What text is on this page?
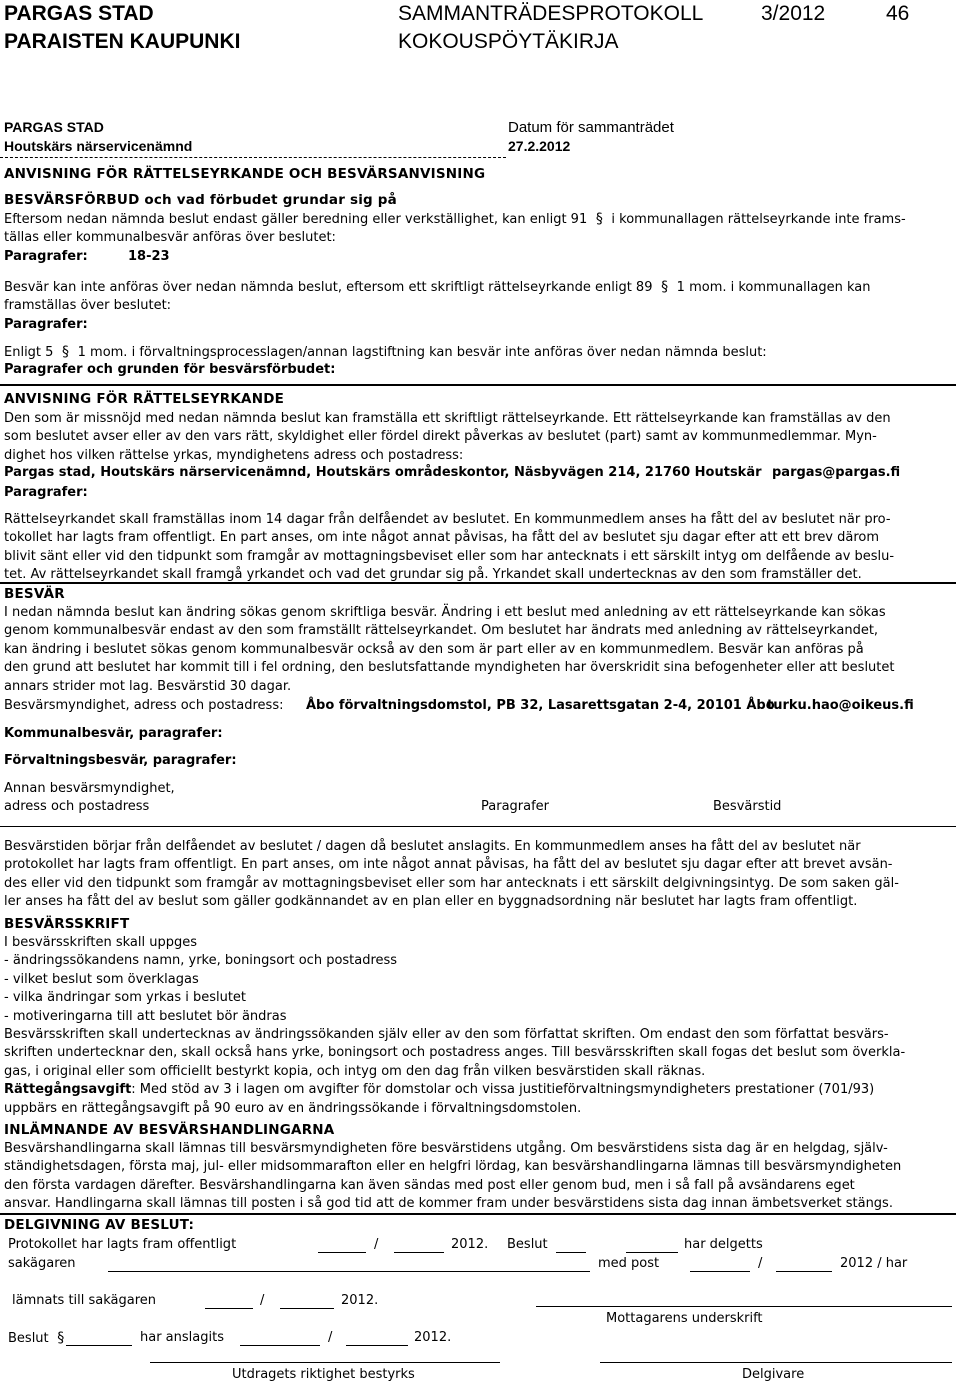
PARGAS STAD
PARAISTEN KAUPUNKI
SAMMANTRÄDESPROTOKOLL	3/2012	46
KOKOUSPÖYTÄKIRJA
PARGAS STAD	Datum för sammanträdet
Houtskärs närservicenämnd	27.2.2012
ANVISNING FÖR RÄTTELSEYRKANDE OCH BESVÄRSANVISNING
BESVÄRSFÖRBUD och vad förbudet grundar sig på
Eftersom nedan nämnda beslut endast gäller beredning eller verkställighet, kan enligt 91  §  i kommunallagen rättelseyrkande inte frams-
tällas eller kommunalbesvär anföras över beslutet:
Paragrafer:	18-23
Besvär kan inte anföras över nedan nämnda beslut, eftersom ett skriftligt rättelseyrkande enligt 89  §  1 mom. i kommunallagen kan
framställas över beslutet:
Paragrafer:
Enligt 5  §  1 mom. i förvaltningsprocesslagen/annan lagstiftning kan besvär inte anföras över nedan nämnda beslut:
Paragrafer och grunden för besvärsförbudet:
ANVISNING FÖR RÄTTELSEYRKANDE
Den som är missnöjd med nedan nämnda beslut kan framställa ett skriftligt rättelseyrkande. Ett rättelseyrkande kan framställas av den
som beslutet avser eller av den vars rätt, skyldighet eller fördel direkt påverkas av beslutet (part) samt av kommunmedlemmar. Myn-
dighet hos vilken rättelse yrkas, myndighetens adress och postadress:
Pargas stad, Houtskärs närservicenämnd, Houtskärs områdeskontor, Näsbyvägen 214, 21760 Houtskär pargas@pargas.fi
Paragrafer:
Rättelseyrkandet skall framställas inom 14 dagar från delfåendet av beslutet. En kommunmedlem anses ha fått del av beslutet när pro-
tokollet har lagts fram offentligt. En part anses, om inte något annat påvisas, ha fått del av beslutet sju dagar efter att ett brev därom
blivit sänt eller vid den tidpunkt som framgår av mottagningsbeviset eller som har antecknats i ett särskilt intyg om delfående av beslu-
tet. Av rättelseyrkandet skall framgå yrkandet och vad det grundar sig på. Yrkandet skall undertecknas av den som framställer det.
BESVÄR
I nedan nämnda beslut kan ändring sökas genom skriftliga besvär. Ändring i ett beslut med anledning av ett rättelseyrkande kan sökas
genom kommunalbesvär endast av den som framställt rättelseyrkandet. Om beslutet har ändrats med anledning av rättelseyrkandet,
kan ändring i beslutet sökas genom kommunalbesvär också av den som är part eller av en kommunmedlem. Besvär kan anföras på
den grund att beslutet har kommit till i fel ordning, den beslutsfattande myndigheten har överskridit sina befogenheter eller att beslutet
annars strider mot lag. Besvärstid 30 dagar.
Besvärsmyndighet, adress och postadress: Åbo förvaltningsdomstol, PB 32, Lasarettsgatan 2-4, 20101 Åbo
turku.hao@oikeus.fi
Kommunalbesvär, paragrafer:
Förvaltningsbesvär, paragrafer:
Annan besvärsmyndighet,
adress och postadress	Paragrafer	Besvärstid
Besvärstiden börjar från delfåendet av beslutet / dagen då beslutet anslagits. En kommunmedlem anses ha fått del av beslutet när
protokollet har lagts fram offentligt. En part anses, om inte något annat påvisas, ha fått del av beslutet sju dagar efter att brevet avsän-
des eller vid den tidpunkt som framgår av mottagningsbeviset eller som har antecknats i ett särskilt delgivningsintyg. De som saken gäl-
ler anses ha fått del av beslut som gäller godkännandet av en plan eller en byggnadsordning när beslutet har lagts fram offentligt.
BESVÄRSSKRIFT
I besvärsskriften skall uppges
- ändringssökandens namn, yrke, boningsort och postadress
- vilket beslut som överklagas
- vilka ändringar som yrkas i beslutet
- motiveringarna till att beslutet bör ändras
Besvärsskriften skall undertecknas av ändringssökanden själv eller av den som författat skriften. Om endast den som författat besvärs-
skriften undertecknar den, skall också hans yrke, boningsort och postadress anges. Till besvärsskriften skall fogas det beslut som överkla-
gas, i original eller som officiellt bestyrkt kopia, och intyg om den dag från vilken besvärstiden skall räknas.
Rättegångsavgift: Med stöd av 3 i lagen om avgifter för domstolar och vissa justitieförvaltningsmyndigheters prestationer (701/93)
uppbärs en rättegångsavgift på 90 euro av en ändringssökande i förvaltningsdomstolen.
INLÄMNANDE AV BESVÄRSHANDLINGARNA
Besvärshandlingarna skall lämnas till besvärsmyndigheten före besvärstidens utgång. Om besvärstidens sista dag är en helgdag, själv-
ständighetsdagen, första maj, jul- eller midsommarafton eller en helgfri lördag, kan besvärshandlingarna lämnas till besvärsmyndigheten
den första vardagen därefter. Besvärshandlingarna kan även sändas med post eller genom bud, men i så fall på avsändarens eget
ansvar. Handlingarna skall lämnas till posten i så god tid att de kommer fram under besvärstidens sista dag innan ämbetsverket stängs.
DELGIVNING AV BESLUT:
Protokollet har lagts fram offentligt	/	2012. Beslut	har delgetts
sakägaren	med post	/	2012 / har
lämnats till sakägaren	/	2012.
Mottagarens underskrift
Beslut  §	har anslagits	/	2012.
Utdragets riktighet bestyrks	Delgivare
